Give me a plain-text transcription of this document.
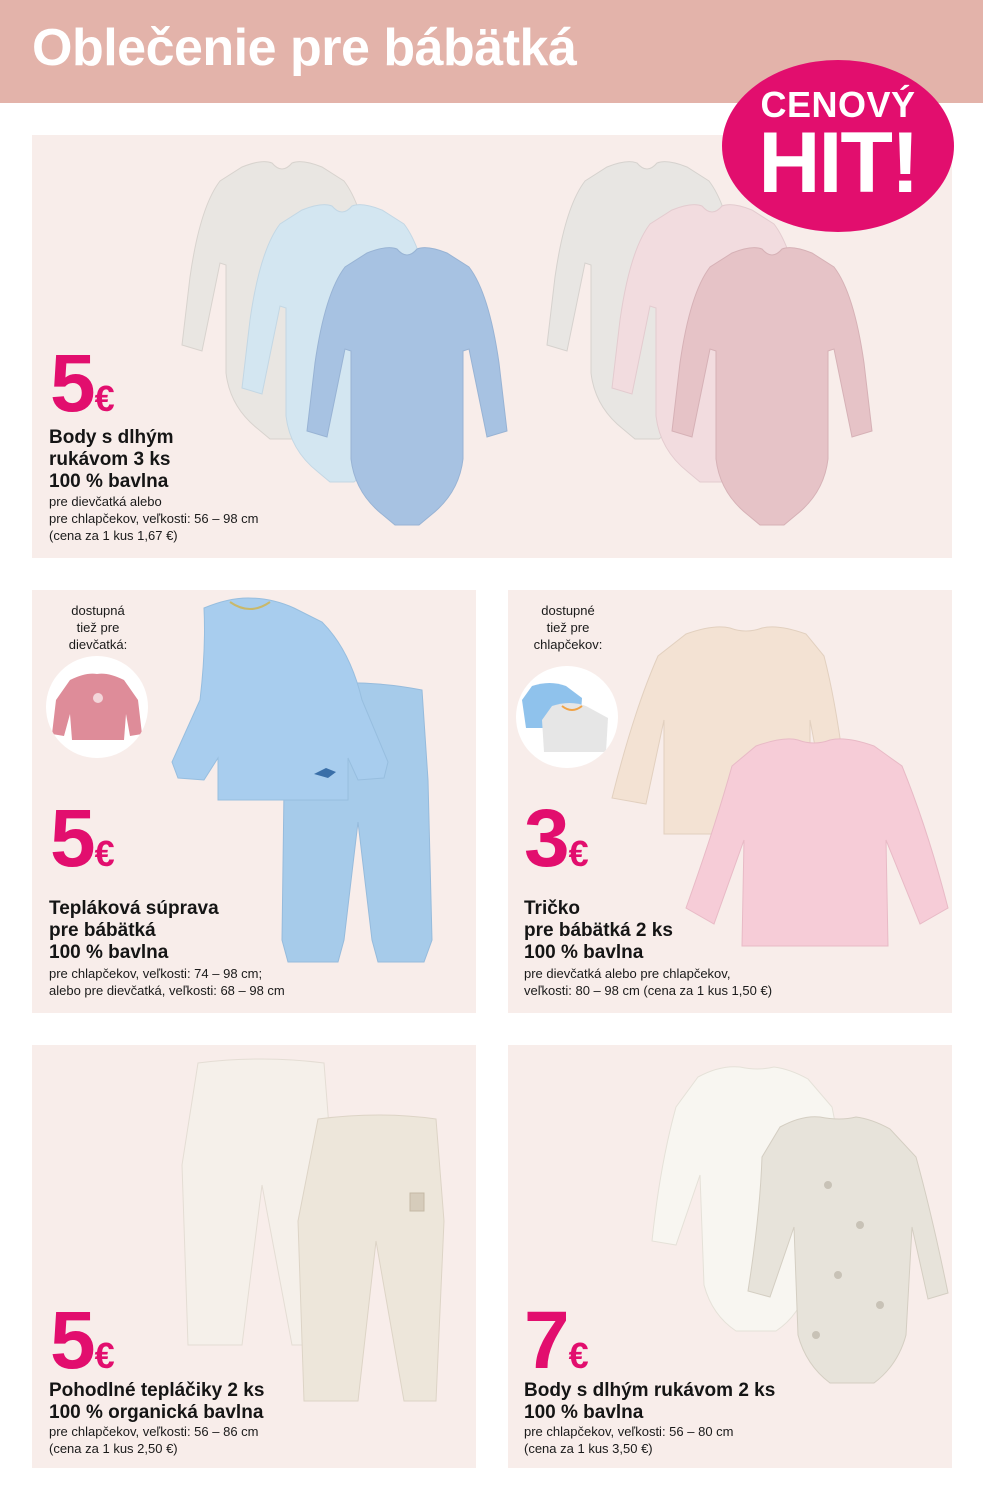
Oblečenie pre bábätká
CENOVÝ
HIT!
5€
Body s dlhým
rukávom 3 ks
100 % bavlna
pre dievčatká alebo
pre chlapčekov, veľkosti: 56 – 98 cm
(cena za 1 kus 1,67 €)
dostupná
tiež pre
dievčatká:
5€
Tepláková súprava
pre bábätká
100 % bavlna
pre chlapčekov, veľkosti: 74 – 98 cm;
alebo pre dievčatká, veľkosti: 68 – 98 cm
dostupné
tiež pre
chlapčekov:
3€
Tričko
pre bábätká 2 ks
100 % bavlna
pre dievčatká alebo pre chlapčekov,
veľkosti: 80 – 98 cm (cena za 1 kus 1,50 €)
5€
Pohodlné tepláčiky 2 ks
100 % organická bavlna
pre chlapčekov, veľkosti: 56 – 86 cm
(cena za 1 kus 2,50 €)
7€
Body s dlhým rukávom 2 ks
100 % bavlna
pre chlapčekov, veľkosti: 56 – 80 cm
(cena za 1 kus 3,50 €)
